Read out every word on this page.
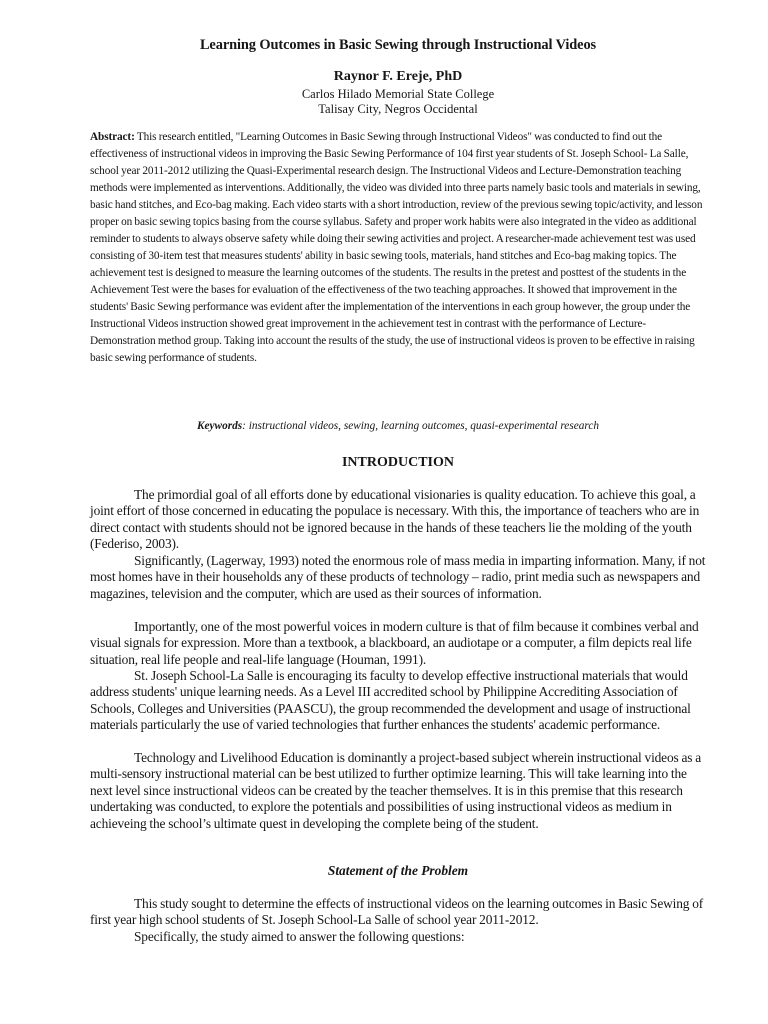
Learning Outcomes in Basic Sewing through Instructional Videos
Raynor F. Ereje, PhD
Carlos Hilado Memorial State College
Talisay City, Negros Occidental
Abstract: This research entitled, "Learning Outcomes in Basic Sewing through Instructional Videos" was conducted to find out the effectiveness of instructional videos in improving the Basic Sewing Performance of 104 first year students of St. Joseph School- La Salle, school year 2011-2012 utilizing the Quasi-Experimental research design. The Instructional Videos and Lecture-Demonstration teaching methods were implemented as interventions. Additionally, the video was divided into three parts namely basic tools and materials in sewing, basic hand stitches, and Eco-bag making. Each video starts with a short introduction, review of the previous sewing topic/activity, and lesson proper on basic sewing topics basing from the course syllabus. Safety and proper work habits were also integrated in the video as additional reminder to students to always observe safety while doing their sewing activities and project. A researcher-made achievement test was used consisting of 30-item test that measures students' ability in basic sewing tools, materials, hand stitches and Eco-bag making topics. The achievement test is designed to measure the learning outcomes of the students. The results in the pretest and posttest of the students in the Achievement Test were the bases for evaluation of the effectiveness of the two teaching approaches. It showed that improvement in the students' Basic Sewing performance was evident after the implementation of the interventions in each group however, the group under the Instructional Videos instruction showed great improvement in the achievement test in contrast with the performance of Lecture-Demonstration method group. Taking into account the results of the study, the use of instructional videos is proven to be effective in raising basic sewing performance of students.
Keywords: instructional videos, sewing, learning outcomes, quasi-experimental research
INTRODUCTION
The primordial goal of all efforts done by educational visionaries is quality education. To achieve this goal, a joint effort of those concerned in educating the populace is necessary. With this, the importance of teachers who are in direct contact with students should not be ignored because in the hands of these teachers lie the molding of the youth (Federiso, 2003).
Significantly, (Lagerway, 1993) noted the enormous role of mass media in imparting information. Many, if not most homes have in their households any of these products of technology – radio, print media such as newspapers and magazines, television and the computer, which are used as their sources of information.
Importantly, one of the most powerful voices in modern culture is that of film because it combines verbal and visual signals for expression. More than a textbook, a blackboard, an audiotape or a computer, a film depicts real life situation, real life people and real-life language (Houman, 1991).
St. Joseph School-La Salle is encouraging its faculty to develop effective instructional materials that would address students' unique learning needs. As a Level III accredited school by Philippine Accrediting Association of Schools, Colleges and Universities (PAASCU), the group recommended the development and usage of instructional materials particularly the use of varied technologies that further enhances the students' academic performance.
Technology and Livelihood Education is dominantly a project-based subject wherein instructional videos as a multi-sensory instructional material can be best utilized to further optimize learning. This will take learning into the next level since instructional videos can be created by the teacher themselves. It is in this premise that this research undertaking was conducted, to explore the potentials and possibilities of using instructional videos as medium in achieveing the school’s ultimate quest in developing the complete being of the student.
Statement of the Problem
This study sought to determine the effects of instructional videos on the learning outcomes in Basic Sewing of first year high school students of St. Joseph School-La Salle of school year 2011-2012.
Specifically, the study aimed to answer the following questions:
